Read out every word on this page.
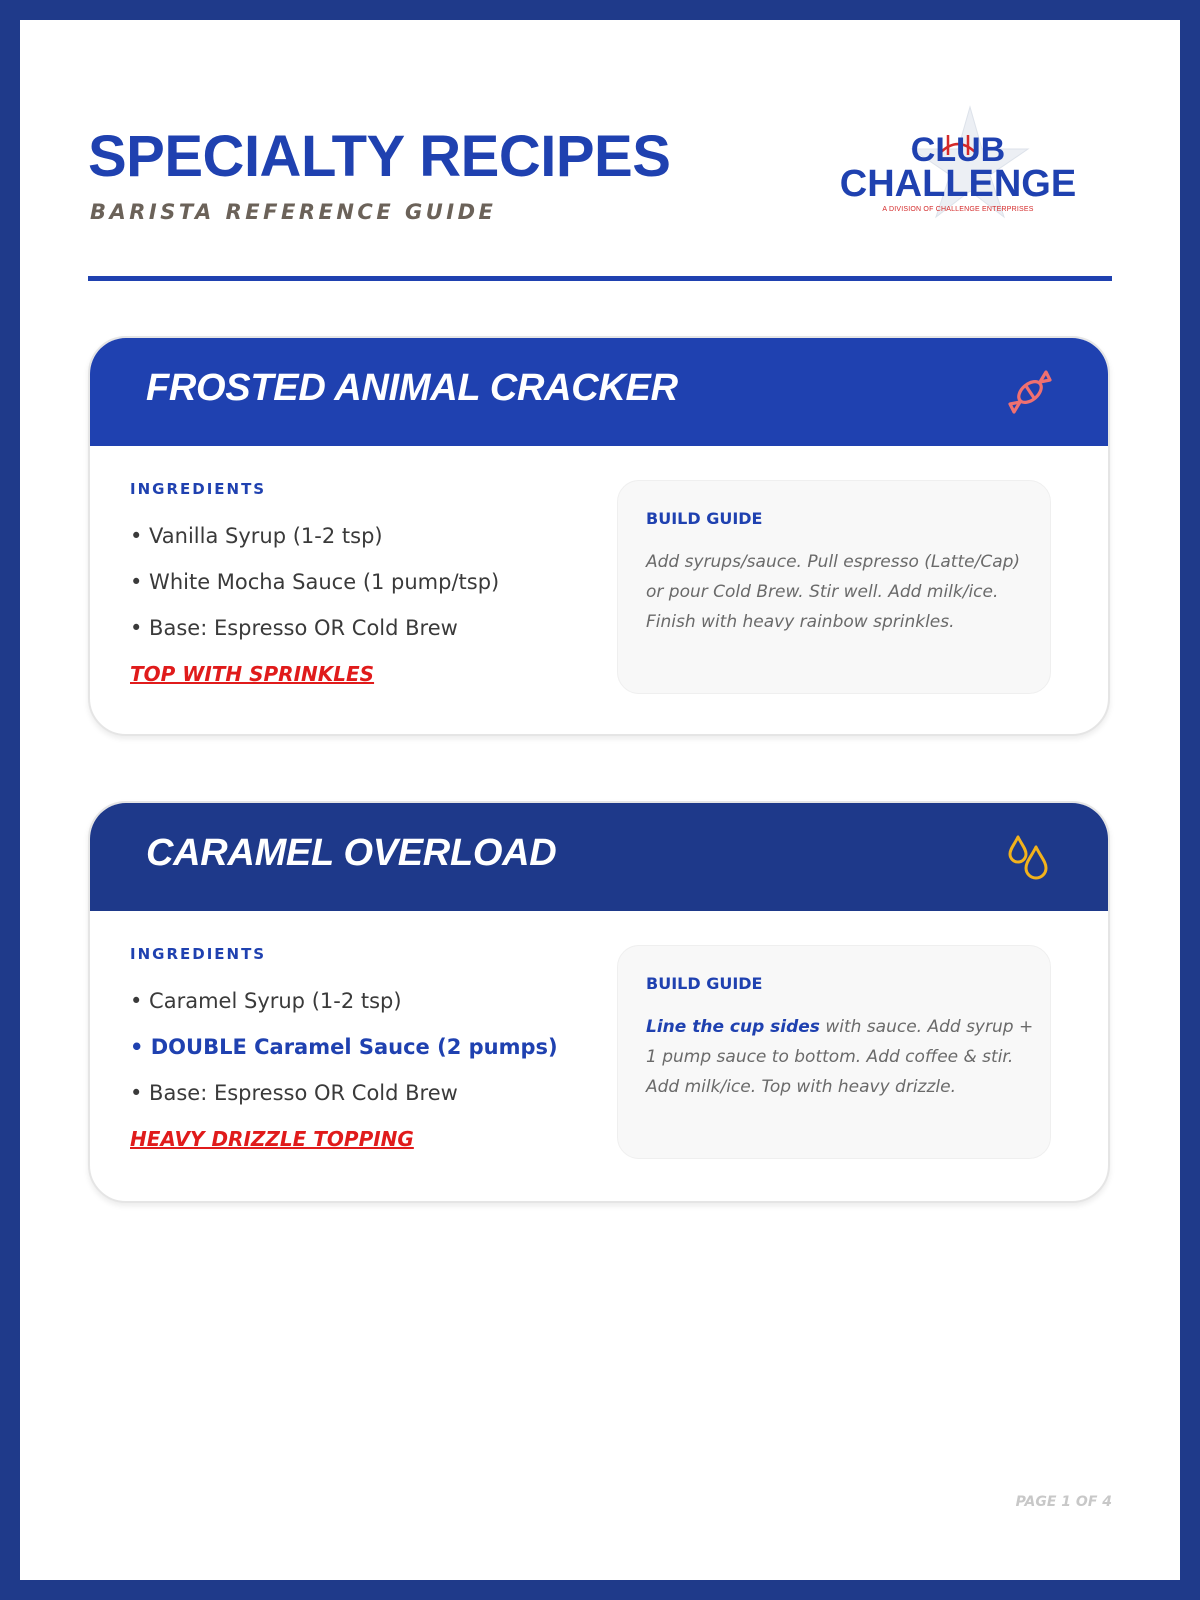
SPECIALTY RECIPES
BARISTA REFERENCE GUIDE
CLUB
CHALLENGE
A DIVISION OF CHALLENGE ENTERPRISES
FROSTED ANIMAL CRACKER
INGREDIENTS
• Vanilla Syrup (1-2 tsp)
• White Mocha Sauce (1 pump/tsp)
• Base: Espresso OR Cold Brew
TOP WITH SPRINKLES
BUILD GUIDE
Add syrups/sauce. Pull espresso (Latte/Cap) or pour Cold Brew. Stir well. Add milk/ice. Finish with heavy rainbow sprinkles.
CARAMEL OVERLOAD
INGREDIENTS
• Caramel Syrup (1-2 tsp)
• DOUBLE Caramel Sauce (2 pumps)
• Base: Espresso OR Cold Brew
HEAVY DRIZZLE TOPPING
BUILD GUIDE
Line the cup sides with sauce. Add syrup + 1 pump sauce to bottom. Add coffee & stir. Add milk/ice. Top with heavy drizzle.
PAGE 1 OF 4
